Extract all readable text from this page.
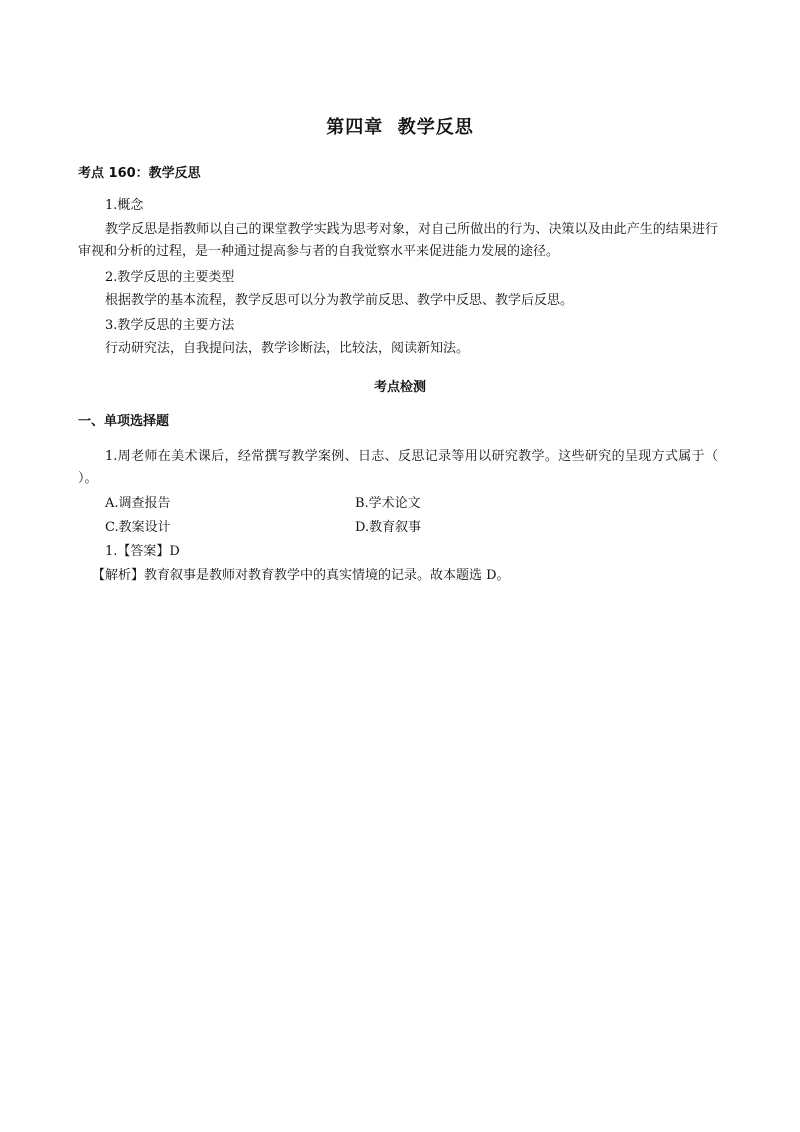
第四章  教学反思
考点 160：教学反思
1.概念
教学反思是指教师以自己的课堂教学实践为思考对象，对自己所做出的行为、决策以及由此产生的结果进行审视和分析的过程，是一种通过提高参与者的自我觉察水平来促进能力发展的途径。
2.教学反思的主要类型
根据教学的基本流程，教学反思可以分为教学前反思、教学中反思、教学后反思。
3.教学反思的主要方法
行动研究法，自我提问法，教学诊断法，比较法，阅读新知法。
考点检测
一、单项选择题
1.周老师在美术课后，经常撰写教学案例、日志、反思记录等用以研究教学。这些研究的呈现方式属于（ ）。
A.调查报告	B.学术论文
C.教案设计	D.教育叙事
1.【答案】D
【解析】教育叙事是教师对教育教学中的真实情境的记录。故本题选 D。
